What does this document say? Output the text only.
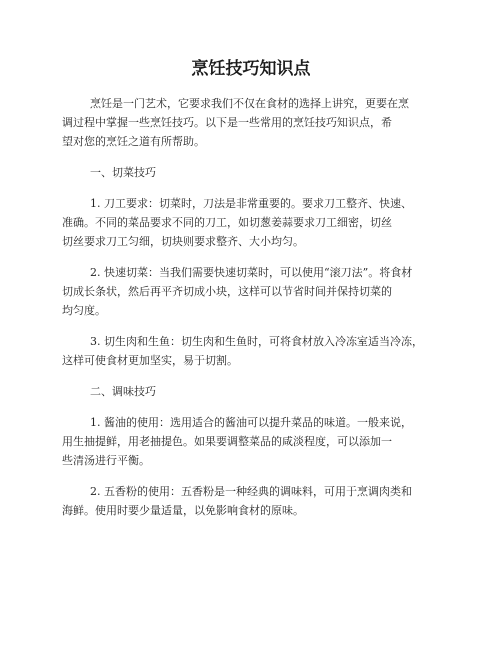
烹饪技巧知识点

烹饪是一门艺术，它要求我们不仅在食材的选择上讲究，更要在烹
调过程中掌握一些烹饪技巧。以下是一些常用的烹饪技巧知识点，希
望对您的烹饪之道有所帮助。

一、切菜技巧

1. 刀工要求：切菜时，刀法是非常重要的。要求刀工整齐、快速、
准确。不同的菜品要求不同的刀工，如切葱姜蒜要求刀工细密，切丝
切丝要求刀工匀细，切块则要求整齐、大小均匀。

2. 快速切菜：当我们需要快速切菜时，可以使用“滚刀法”。将食材
切成长条状，然后再平齐切成小块，这样可以节省时间并保持切菜的
均匀度。

3. 切生肉和生鱼：切生肉和生鱼时，可将食材放入冷冻室适当冷冻，
这样可使食材更加坚实，易于切割。

二、调味技巧

1. 酱油的使用：选用适合的酱油可以提升菜品的味道。一般来说，
用生抽提鲜，用老抽提色。如果要调整菜品的咸淡程度，可以添加一
些清汤进行平衡。

2. 五香粉的使用：五香粉是一种经典的调味料，可用于烹调肉类和
海鲜。使用时要少量适量，以免影响食材的原味。
